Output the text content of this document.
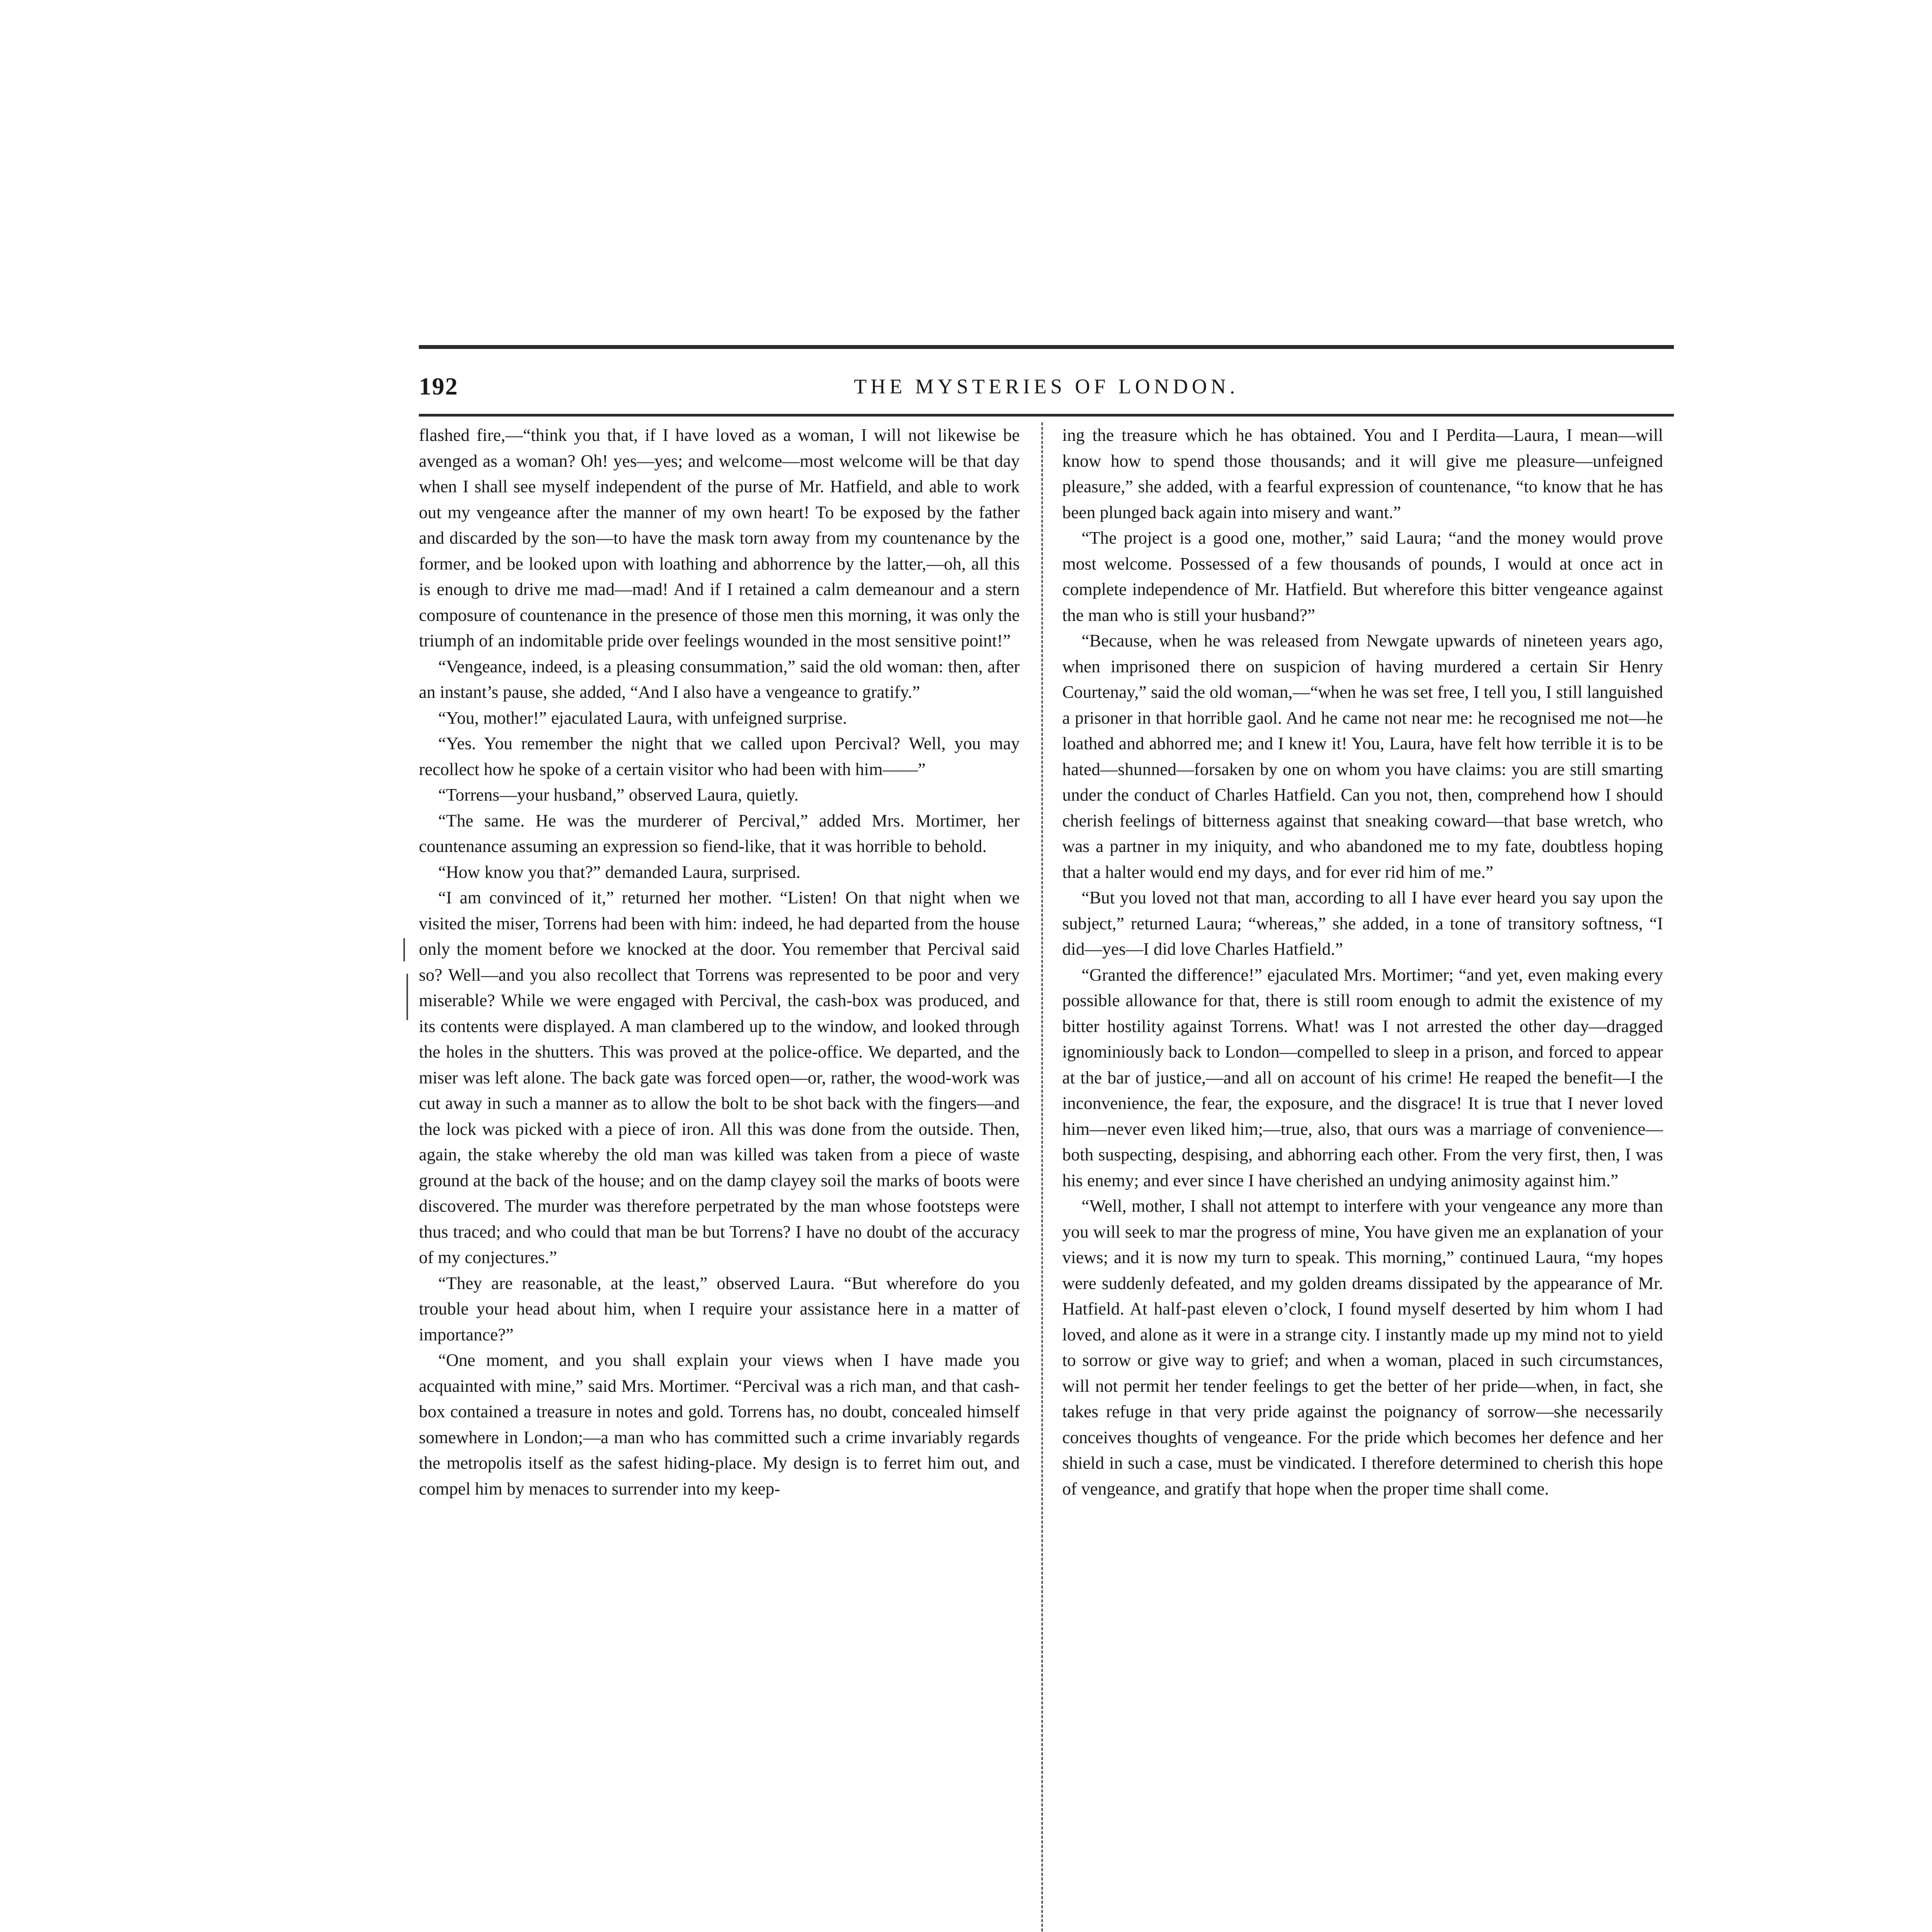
192	THE MYSTERIES OF LONDON.

flashed fire,—“think you that, if I have loved as a woman, I will not likewise be avenged as a woman? Oh! yes—yes; and welcome—most welcome will be that day when I shall see myself independent of the purse of Mr. Hatfield, and able to work out my vengeance after the manner of my own heart! To be exposed by the father and discarded by the son—to have the mask torn away from my countenance by the former, and be looked upon with loathing and abhorrence by the latter,—oh, all this is enough to drive me mad—mad! And if I retained a calm demeanour and a stern composure of countenance in the presence of those men this morning, it was only the triumph of an indomitable pride over feelings wounded in the most sensitive point!”

“Vengeance, indeed, is a pleasing consummation,” said the old woman: then, after an instant’s pause, she added, “And I also have a vengeance to gratify.”

“You, mother!” ejaculated Laura, with unfeigned surprise.

“Yes. You remember the night that we called upon Percival? Well, you may recollect how he spoke of a certain visitor who had been with him——”

“Torrens—your husband,” observed Laura, quietly.

“The same. He was the murderer of Percival,” added Mrs. Mortimer, her countenance assuming an expression so fiend-like, that it was horrible to behold.

“How know you that?” demanded Laura, surprised.

“I am convinced of it,” returned her mother. “Listen! On that night when we visited the miser, Torrens had been with him: indeed, he had departed from the house only the moment before we knocked at the door. You remember that Percival said so? Well—and you also recollect that Torrens was represented to be poor and very miserable? While we were engaged with Percival, the cash-box was produced, and its contents were displayed. A man clambered up to the window, and looked through the holes in the shutters. This was proved at the police-office. We departed, and the miser was left alone. The back gate was forced open—or, rather, the wood-work was cut away in such a manner as to allow the bolt to be shot back with the fingers—and the lock was picked with a piece of iron. All this was done from the outside. Then, again, the stake whereby the old man was killed was taken from a piece of waste ground at the back of the house; and on the damp clayey soil the marks of boots were discovered. The murder was therefore perpetrated by the man whose footsteps were thus traced; and who could that man be but Torrens? I have no doubt of the accuracy of my conjectures.”

“They are reasonable, at the least,” observed Laura. “But wherefore do you trouble your head about him, when I require your assistance here in a matter of importance?”

“One moment, and you shall explain your views when I have made you acquainted with mine,” said Mrs. Mortimer. “Percival was a rich man, and that cash-box contained a treasure in notes and gold. Torrens has, no doubt, concealed himself somewhere in London;—a man who has committed such a crime invariably regards the metropolis itself as the safest hiding-place. My design is to ferret him out, and compel him by menaces to surrender into my keep-

ing the treasure which he has obtained. You and I Perdita—Laura, I mean—will know how to spend those thousands; and it will give me pleasure—unfeigned pleasure,” she added, with a fearful expression of countenance, “to know that he has been plunged back again into misery and want.”

“The project is a good one, mother,” said Laura; “and the money would prove most welcome. Possessed of a few thousands of pounds, I would at once act in complete independence of Mr. Hatfield. But wherefore this bitter vengeance against the man who is still your husband?”

“Because, when he was released from Newgate upwards of nineteen years ago, when imprisoned there on suspicion of having murdered a certain Sir Henry Courtenay,” said the old woman,—“when he was set free, I tell you, I still languished a prisoner in that horrible gaol. And he came not near me: he recognised me not—he loathed and abhorred me; and I knew it! You, Laura, have felt how terrible it is to be hated—shunned—forsaken by one on whom you have claims: you are still smarting under the conduct of Charles Hatfield. Can you not, then, comprehend how I should cherish feelings of bitterness against that sneaking coward—that base wretch, who was a partner in my iniquity, and who abandoned me to my fate, doubtless hoping that a halter would end my days, and for ever rid him of me.”

“But you loved not that man, according to all I have ever heard you say upon the subject,” returned Laura; “whereas,” she added, in a tone of transitory softness, “I did—yes—I did love Charles Hatfield.”

“Granted the difference!” ejaculated Mrs. Mortimer; “and yet, even making every possible allowance for that, there is still room enough to admit the existence of my bitter hostility against Torrens. What! was I not arrested the other day—dragged ignominiously back to London—compelled to sleep in a prison, and forced to appear at the bar of justice,—and all on account of his crime! He reaped the benefit—I the inconvenience, the fear, the exposure, and the disgrace! It is true that I never loved him—never even liked him;—true, also, that ours was a marriage of convenience—both suspecting, despising, and abhorring each other. From the very first, then, I was his enemy; and ever since I have cherished an undying animosity against him.”

“Well, mother, I shall not attempt to interfere with your vengeance any more than you will seek to mar the progress of mine, You have given me an explanation of your views; and it is now my turn to speak. This morning,” continued Laura, “my hopes were suddenly defeated, and my golden dreams dissipated by the appearance of Mr. Hatfield. At half-past eleven o’clock, I found myself deserted by him whom I had loved, and alone as it were in a strange city. I instantly made up my mind not to yield to sorrow or give way to grief; and when a woman, placed in such circumstances, will not permit her tender feelings to get the better of her pride—when, in fact, she takes refuge in that very pride against the poignancy of sorrow—she necessarily conceives thoughts of vengeance. For the pride which becomes her defence and her shield in such a case, must be vindicated. I therefore determined to cherish this hope of vengeance, and gratify that hope when the proper time shall come.
